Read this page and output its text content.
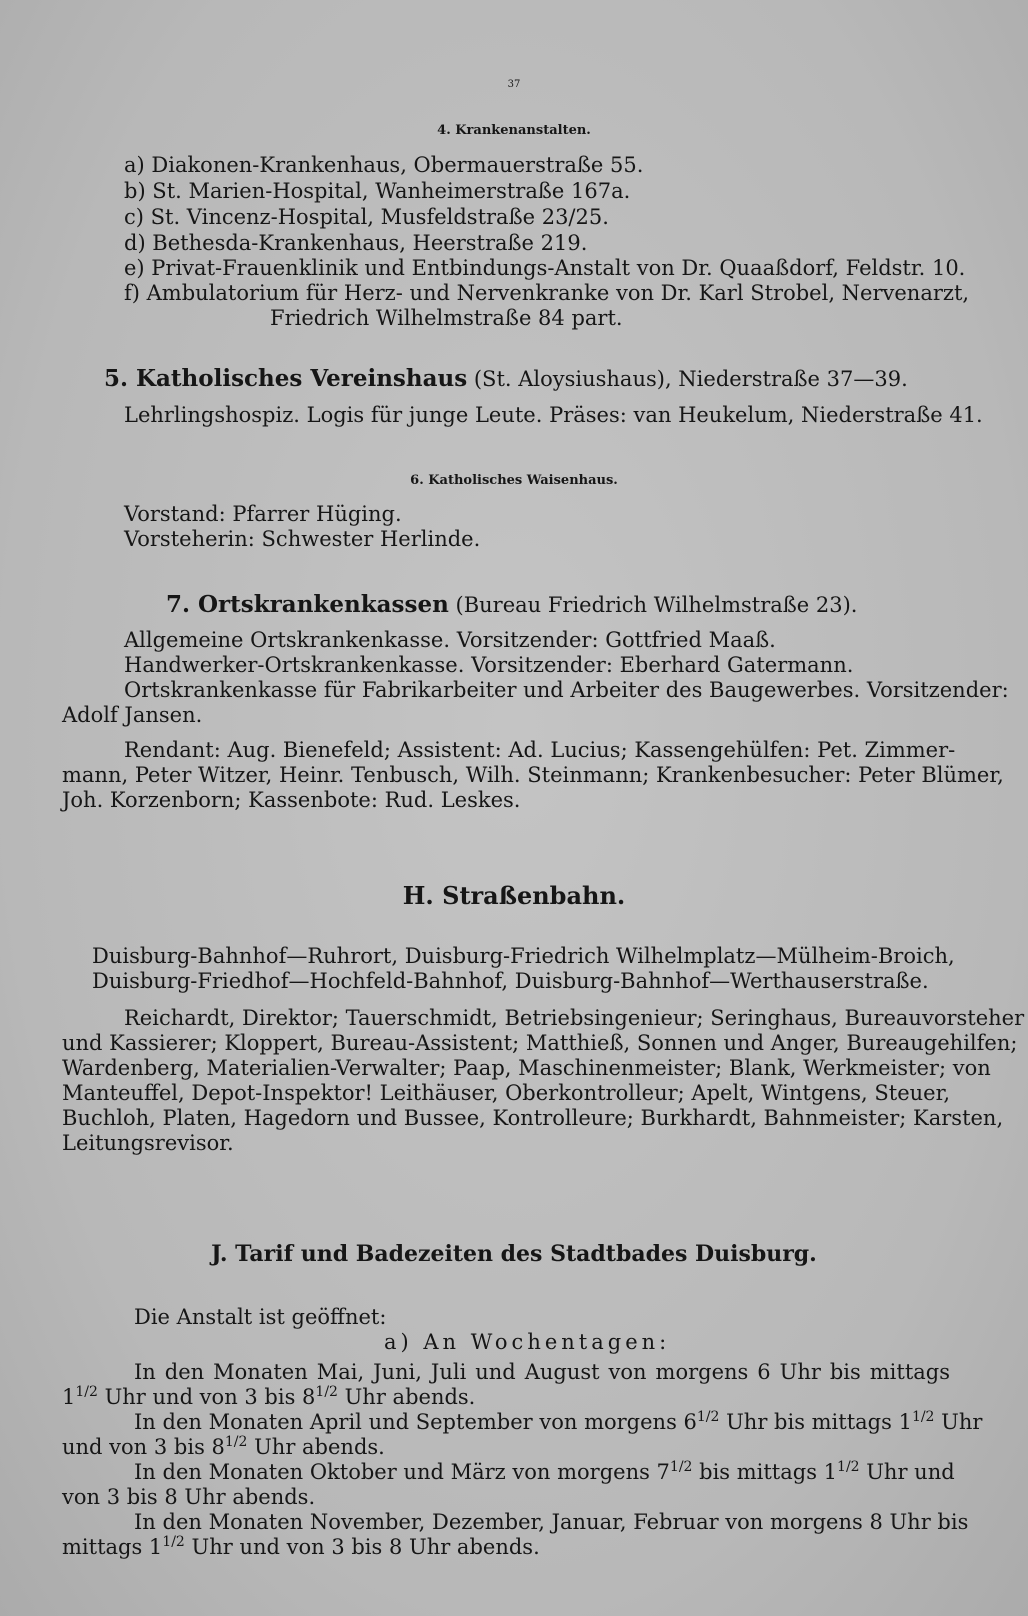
37
4. Krankenanstalten.
a) Diakonen-Krankenhaus, Obermauerstraße 55.
b) St. Marien-Hospital, Wanheimerstraße 167a.
c) St. Vincenz-Hospital, Musfeldstraße 23/25.
d) Bethesda-Krankenhaus, Heerstraße 219.
e) Privat-Frauenklinik und Entbindungs-Anstalt von Dr. Quaaßdorf, Feldstr. 10.
f) Ambulatorium für Herz- und Nervenkranke von Dr. Karl Strobel, Nervenarzt,
Friedrich Wilhelmstraße 84 part.
5. Katholisches Vereinshaus (St. Aloysiushaus), Niederstraße 37—39.
Lehrlingshospiz. Logis für junge Leute. Präses: van Heukelum, Niederstraße 41.
6. Katholisches Waisenhaus.
Vorstand: Pfarrer Hüging.
Vorsteherin: Schwester Herlinde.
7. Ortskrankenkassen (Bureau Friedrich Wilhelmstraße 23).
Allgemeine Ortskrankenkasse. Vorsitzender: Gottfried Maaß.
Handwerker-Ortskrankenkasse. Vorsitzender: Eberhard Gatermann.
Ortskrankenkasse für Fabrikarbeiter und Arbeiter des Baugewerbes. Vorsitzender:
Adolf Jansen.
Rendant: Aug. Bienefeld; Assistent: Ad. Lucius; Kassengehülfen: Pet. Zimmer-
mann, Peter Witzer, Heinr. Tenbusch, Wilh. Steinmann; Krankenbesucher: Peter Blümer,
Joh. Korzenborn; Kassenbote: Rud. Leskes.
H. Straßenbahn.
Duisburg-Bahnhof—Ruhrort, Duisburg-Friedrich Wilhelmplatz—Mülheim-Broich,
Duisburg-Friedhof—Hochfeld-Bahnhof, Duisburg-Bahnhof—Werthauserstraße.
Reichardt, Direktor; Tauerschmidt, Betriebsingenieur; Seringhaus, Bureauvorsteher
und Kassierer; Kloppert, Bureau-Assistent; Matthieß, Sonnen und Anger, Bureaugehilfen;
Wardenberg, Materialien-Verwalter; Paap, Maschinenmeister; Blank, Werkmeister; von
Manteuffel, Depot-Inspektor! Leithäuser, Oberkontrolleur; Apelt, Wintgens, Steuer,
Buchloh, Platen, Hagedorn und Bussee, Kontrolleure; Burkhardt, Bahnmeister; Karsten,
Leitungsrevisor.
J. Tarif und Badezeiten des Stadtbades Duisburg.
Die Anstalt ist geöffnet:
a) An Wochentagen:
In den Monaten Mai, Juni, Juli und August von morgens 6 Uhr bis mittags
$1^{1/2}$ Uhr und von 3 bis $8^{1/2}$ Uhr abends.
In den Monaten April und September von morgens $6^{1/2}$ Uhr bis mittags $1^{1/2}$ Uhr
und von 3 bis $8^{1/2}$ Uhr abends.
In den Monaten Oktober und März von morgens $7^{1/2}$ bis mittags $1^{1/2}$ Uhr und
von 3 bis 8 Uhr abends.
In den Monaten November, Dezember, Januar, Februar von morgens 8 Uhr bis
mittags $1^{1/2}$ Uhr und von 3 bis 8 Uhr abends.
